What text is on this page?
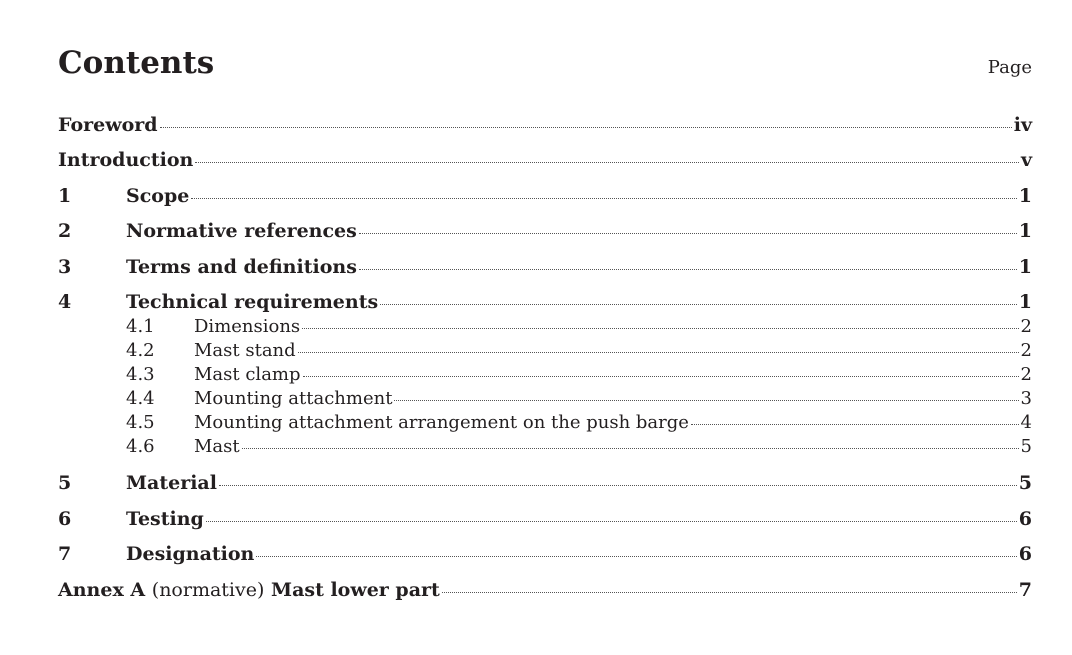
Contents	Page
Foreword	iv
Introduction	v
1	Scope	1
2	Normative references	1
3	Terms and definitions	1
4	Technical requirements	1
4.1	Dimensions	2
4.2	Mast stand	2
4.3	Mast clamp	2
4.4	Mounting attachment	3
4.5	Mounting attachment arrangement on the push barge	4
4.6	Mast	5
5	Material	5
6	Testing	6
7	Designation	6
Annex A (normative) Mast lower part	7
